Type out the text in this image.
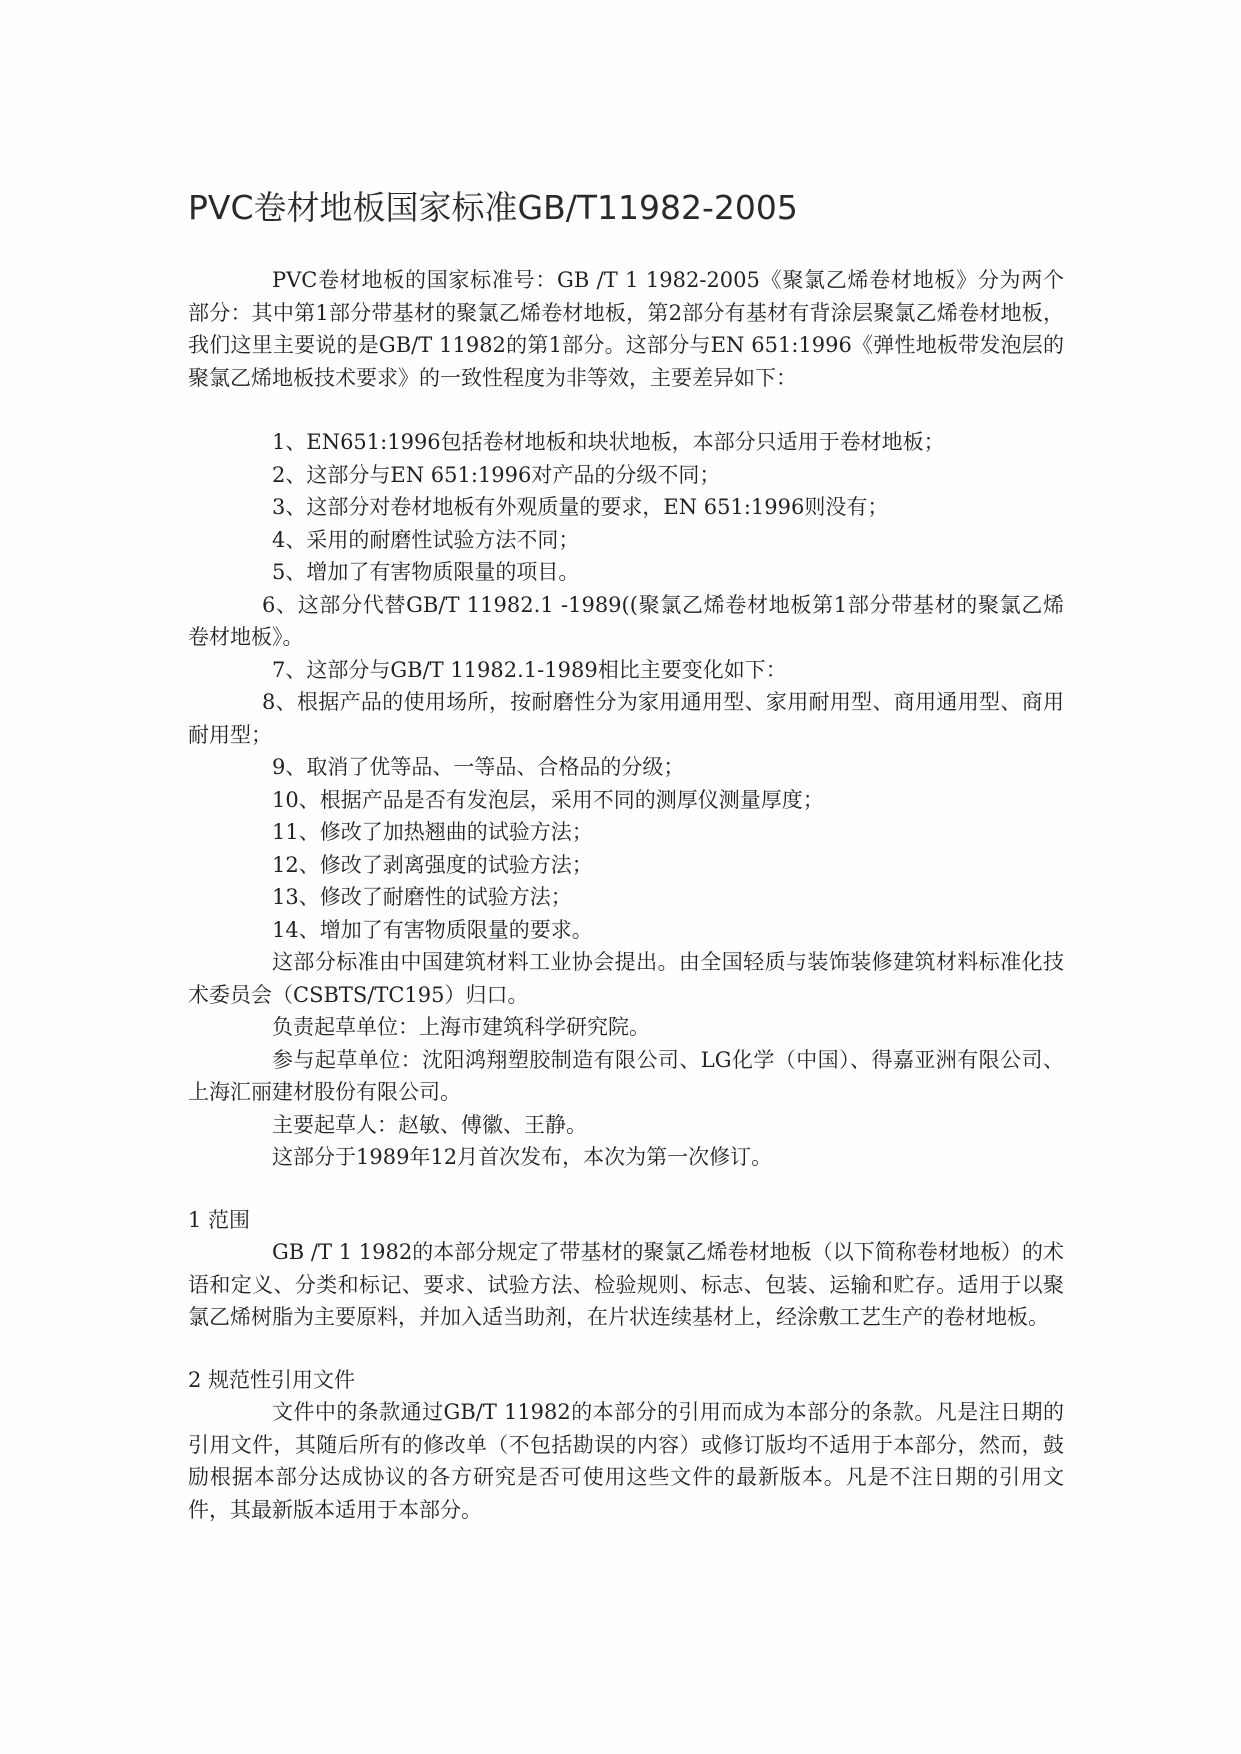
PVC卷材地板国家标准GB/T11982-2005

PVC卷材地板的国家标准号：GB /T 1 1982-2005《聚氯乙烯卷材地板》分为两个部分：其中第1部分带基材的聚氯乙烯卷材地板，第2部分有基材有背涂层聚氯乙烯卷材地板，我们这里主要说的是GB/T 11982的第1部分。这部分与EN 651:1996《弹性地板带发泡层的聚氯乙烯地板技术要求》的一致性程度为非等效，主要差异如下：

1、EN651:1996包括卷材地板和块状地板，本部分只适用于卷材地板；

2、这部分与EN 651:1996对产品的分级不同；

3、这部分对卷材地板有外观质量的要求，EN 651:1996则没有；

4、采用的耐磨性试验方法不同；

5、增加了有害物质限量的项目。

6、这部分代替GB/T 11982.1 -1989((聚氯乙烯卷材地板第1部分带基材的聚氯乙烯卷材地板》。

7、这部分与GB/T 11982.1-1989相比主要变化如下：

8、根据产品的使用场所，按耐磨性分为家用通用型、家用耐用型、商用通用型、商用耐用型；

9、取消了优等品、一等品、合格品的分级；

10、根据产品是否有发泡层，采用不同的测厚仪测量厚度；

11、修改了加热翘曲的试验方法；

12、修改了剥离强度的试验方法；

13、修改了耐磨性的试验方法；

14、增加了有害物质限量的要求。

这部分标准由中国建筑材料工业协会提出。由全国轻质与装饰装修建筑材料标准化技术委员会（CSBTS/TC195）归口。

负责起草单位：上海市建筑科学研究院。

参与起草单位：沈阳鸿翔塑胶制造有限公司、LG化学（中国）、得嘉亚洲有限公司、上海汇丽建材股份有限公司。

主要起草人：赵敏、傅徽、王静。

这部分于1989年12月首次发布，本次为第一次修订。

1 范围

GB /T 1 1982的本部分规定了带基材的聚氯乙烯卷材地板（以下简称卷材地板）的术语和定义、分类和标记、要求、试验方法、检验规则、标志、包装、运输和贮存。适用于以聚氯乙烯树脂为主要原料，并加入适当助剂，在片状连续基材上，经涂敷工艺生产的卷材地板。

2 规范性引用文件

文件中的条款通过GB/T 11982的本部分的引用而成为本部分的条款。凡是注日期的引用文件，其随后所有的修改单（不包括勘误的内容）或修订版均不适用于本部分，然而，鼓励根据本部分达成协议的各方研究是否可使用这些文件的最新版本。凡是不注日期的引用文件，其最新版本适用于本部分。
